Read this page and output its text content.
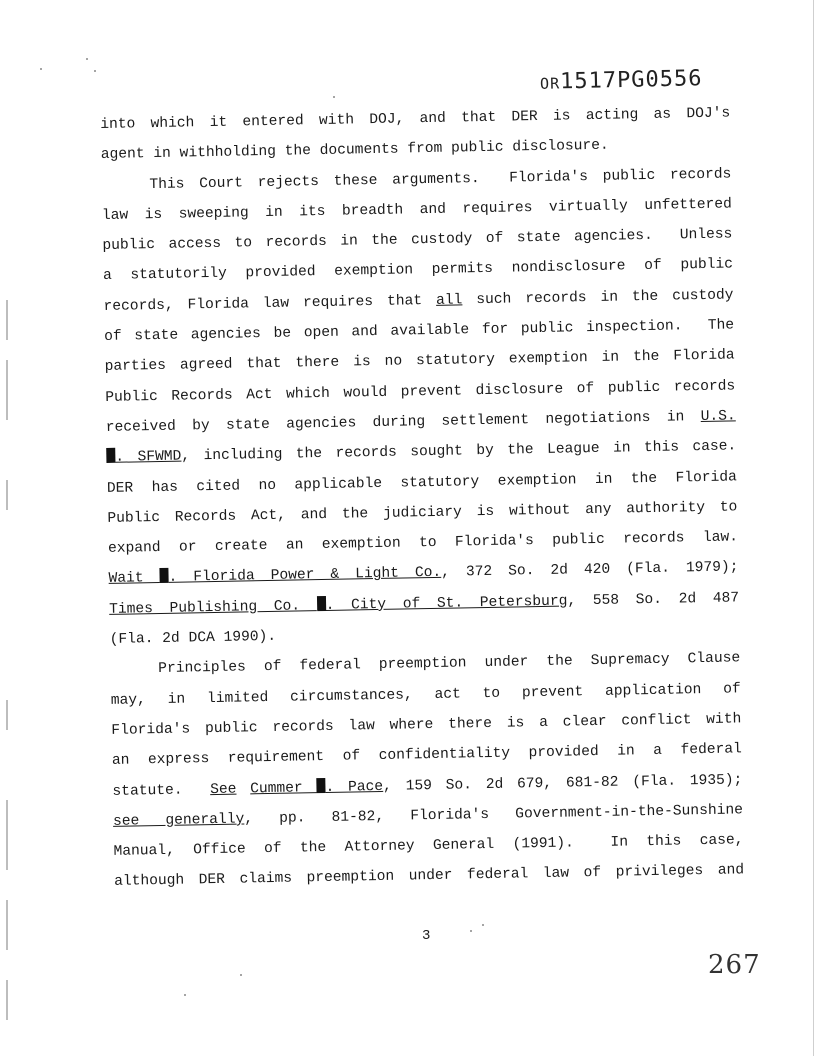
OR1517PG0556
into which it entered with DOJ, and that DER is acting as DOJ's
agent in withholding the documents from public disclosure.
This Court rejects these arguments.  Florida's public records
law is sweeping in its breadth and requires virtually unfettered
public access to records in the custody of state agencies.  Unless
a statutorily provided exemption permits nondisclosure of public
records, Florida law requires that all such records in the custody
of state agencies be open and available for public inspection.  The
parties agreed that there is no statutory exemption in the Florida
Public Records Act which would prevent disclosure of public records
received by state agencies during settlement negotiations in U.S.
. SFWMD, including the records sought by the League in this case.
DER has cited no applicable statutory exemption in the Florida
Public Records Act, and the judiciary is without any authority to
expand or create an exemption to Florida's public records law.
Wait . Florida Power & Light Co., 372 So. 2d 420 (Fla. 1979);
Times Publishing Co. . City of St. Petersburg, 558 So. 2d 487
(Fla. 2d DCA 1990).
Principles of federal preemption under the Supremacy Clause
may, in limited circumstances, act to prevent application of
Florida's public records law where there is a clear conflict with
an express requirement of confidentiality provided in a federal
statute.  See Cummer . Pace, 159 So. 2d 679, 681-82 (Fla. 1935);
see generally, pp. 81-82, Florida's Government-in-the-Sunshine
Manual, Office of the Attorney General (1991).  In this case,
although DER claims preemption under federal law of privileges and
3
267
